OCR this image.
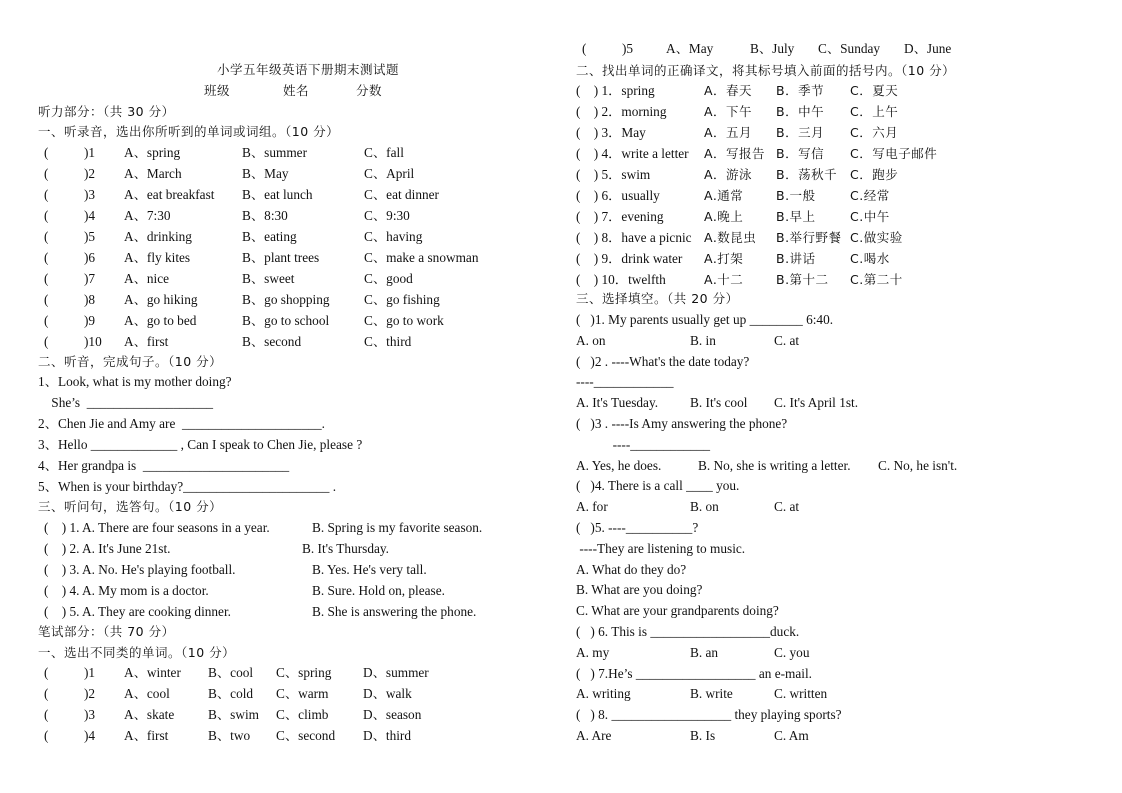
小学五年级英语下册期末测试题
班级	姓名	分数
听力部分：（共 30 分）
一、听录音，选出你所听到的单词或词组。（10 分）
(	)1 A、spring	B、summer	C、fall
(	)2 A、March	B、May	C、April
(	)3 A、eat breakfast B、eat lunch	C、eat dinner
(	)4 A、7:30	B、8:30	C、9:30
(	)5 A、drinking	B、eating	C、having
(	)6 A、fly kites	B、plant trees	C、make a snowman
(	)7 A、nice	B、sweet	C、good
(	)8 A、go hiking	B、go shopping	C、go fishing
(	)9 A、go to bed	B、go to school	C、go to work
(	)10 A、first	B、second	C、third
二、听音，完成句子。（10 分）
1、Look, what is my mother doing?
She’s  ___________________
2、Chen Jie and Amy are  _____________________.
3、Hello _____________ , Can I speak to Chen Jie, please ?
4、Her grandpa is  ______________________
5、When is your birthday?______________________ .
三、听问句，选答句。（10 分）
(    ) 1. A. There are four seasons in a year.	B. Spring is my favorite season.
(    ) 2. A. It's June 21st.	B. It's Thursday.
(    ) 3. A. No. He's playing football.	B. Yes. He's very tall.
(    ) 4. A. My mom is a doctor.	B. Sure. Hold on, please.
(    ) 5. A. They are cooking dinner.	B. She is answering the phone.
笔试部分：（共 70 分）
一、选出不同类的单词。（10 分）
(	)1 A、winter B、cool C、spring D、summer
(	)2 A、cool	B、cold C、warm	D、walk
(	)3 A、skate	B、swim C、climb	D、season
(	)4 A、first	B、two C、second D、third
(	)5 A、May	B、July C、Sunday D、June
二、找出单词的正确译文，将其标号填入前面的括号内。（10 分）
(    ) 1．spring	A．春天 B．季节 C．夏天
(    ) 2．morning	A．下午 B．中午 C．上午
(    ) 3．May	A．五月 B．三月 C．六月
(    ) 4．write a letter A．写报告 B．写信 C．写电子邮件
(    ) 5．swim	A．游泳 B．荡秋千 C．跑步
(    ) 6．usually	A.通常	B.一般	C.经常
(    ) 7．evening	A.晚上	B.早上	C.中午
(    ) 8．have a picnic A.数昆虫 B.举行野餐 C.做实验
(    ) 9．drink water A.打架	B.讲话	C.喝水
(    ) 10．twelfth	A.十二	B.第十二 C.第二十
三、选择填空。（共 20 分）
(   )1. My parents usually get up ________ 6:40.
A. on	B. in	C. at
(   )2 . ----What's the date today?
----____________
A. It's Tuesday. B. It's cool C. It's April 1st.
(   )3 . ----Is Amy answering the phone?
----____________
A. Yes, he does.	B. No, she is writing a letter. C. No, he isn't.
(   )4. There is a call ____ you.
A. for	B. on	C. at
(   )5. ----__________?
----They are listening to music.
A. What do they do?
B. What are you doing?
C. What are your grandparents doing?
(   ) 6. This is __________________duck.
A. my	B. an	C. you
(   ) 7.He’s __________________ an e-mail.
A. writing	B. write	C. written
(   ) 8. __________________ they playing sports?
A. Are	B. Is	C. Am
